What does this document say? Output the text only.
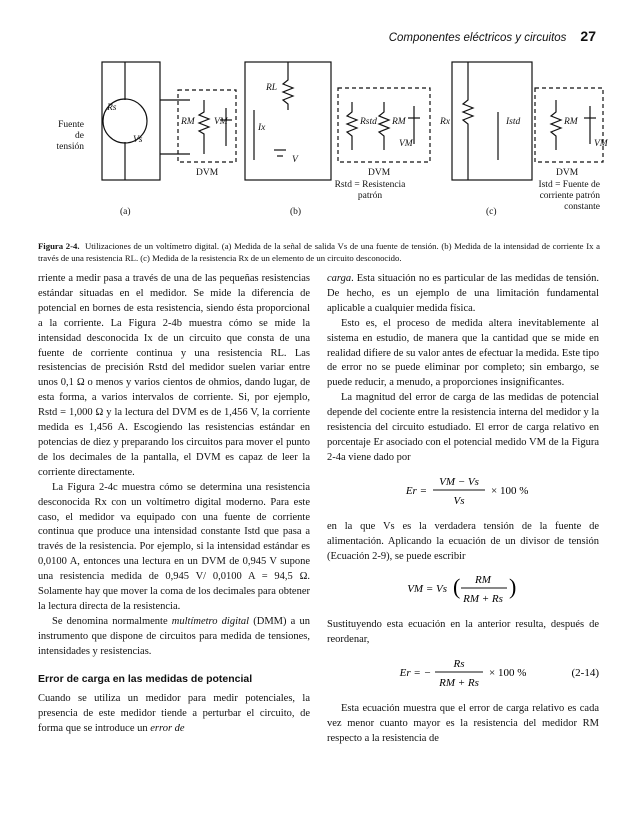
Componentes eléctricos y circuitos 27
Fuente
de
tensión
Rs
Vs
RM VM
DVM
(a)
RL
Ix
V
Rstd RM
VM
DVM
Rstd = Resistencia
patrón
(b)
Rx	Istd	RM
VM
DVM
Istd = Fuente de
corriente patrón
constante
(c)
Figura 2-4. Utilizaciones de un voltímetro digital. (a) Medida de la señal de salida Vs de una fuente de tensión. (b) Medida de la intensidad de corriente Ix a través de una resistencia RL. (c) Medida de la resistencia Rx de un elemento de un circuito desconocido.

rriente a medir pasa a través de una de las pequeñas resistencias estándar situadas en el medidor. Se mide la diferencia de potencial en bornes de esta resistencia, siendo ésta proporcional a la corriente. La Figura 2-4b muestra cómo se mide la intensidad desconocida Ix de un circuito que consta de una fuente de corriente continua y una resistencia RL. Las resistencias de precisión Rstd del medidor suelen variar entre unos 0,1 Ω o menos y varios cientos de ohmios, dando lugar, de esta forma, a varios intervalos de corriente. Si, por ejemplo, Rstd = 1,000 Ω y la lectura del DVM es de 1,456 V, la corriente medida es 1,456 A. Escogiendo las resistencias estándar en potencias de diez y preparando los circuitos para mover el punto de los decimales de la pantalla, el DVM es capaz de leer la corriente directamente.

La Figura 2-4c muestra cómo se determina una resistencia desconocida Rx con un voltímetro digital moderno. Para este caso, el medidor va equipado con una fuente de corriente continua que produce una intensidad constante Istd que pasa a través de la resistencia. Por ejemplo, si la intensidad estándar es 0,0100 A, entonces una lectura en un DVM de 0,945 V supone una resistencia medida de 0,945 V/ 0,0100 A = 94,5 Ω. Solamente hay que mover la coma de los decimales para obtener la lectura directa de la resistencia.

Se denomina normalmente multímetro digital (DMM) a un instrumento que dispone de circuitos para medida de tensiones, intensidades y resistencias.

Error de carga en las medidas de potencial

Cuando se utiliza un medidor para medir potenciales, la presencia de este medidor tiende a perturbar el circuito, de forma que se introduce un error de

carga. Esta situación no es particular de las medidas de tensión. De hecho, es un ejemplo de una limitación fundamental aplicable a cualquier medida física.

Esto es, el proceso de medida altera inevitablemente al sistema en estudio, de manera que la cantidad que se mide en realidad difiere de su valor antes de efectuar la medida. Este tipo de error no se puede eliminar por completo; sin embargo, se puede reducir, a menudo, a proporciones insignificantes.

La magnitud del error de carga de las medidas de potencial depende del cociente entre la resistencia interna del medidor y la resistencia del circuito estudiado. El error de carga relativo en porcentaje Er asociado con el potencial medido VM de la Figura 2-4a viene dado por

Er =
VM − Vs
Vs
× 100 %

en la que Vs es la verdadera tensión de la fuente de alimentación. Aplicando la ecuación de un divisor de tensión (Ecuación 2-9), se puede escribir

VM = Vs ( RM
RM + Rs )

Sustituyendo esta ecuación en la anterior resulta, después de reordenar,

Er = −
Rs
RM + Rs
× 100 %	(2-14)

Esta ecuación muestra que el error de carga relativo es cada vez menor cuanto mayor es la resistencia del medidor RM respecto a la resistencia de
